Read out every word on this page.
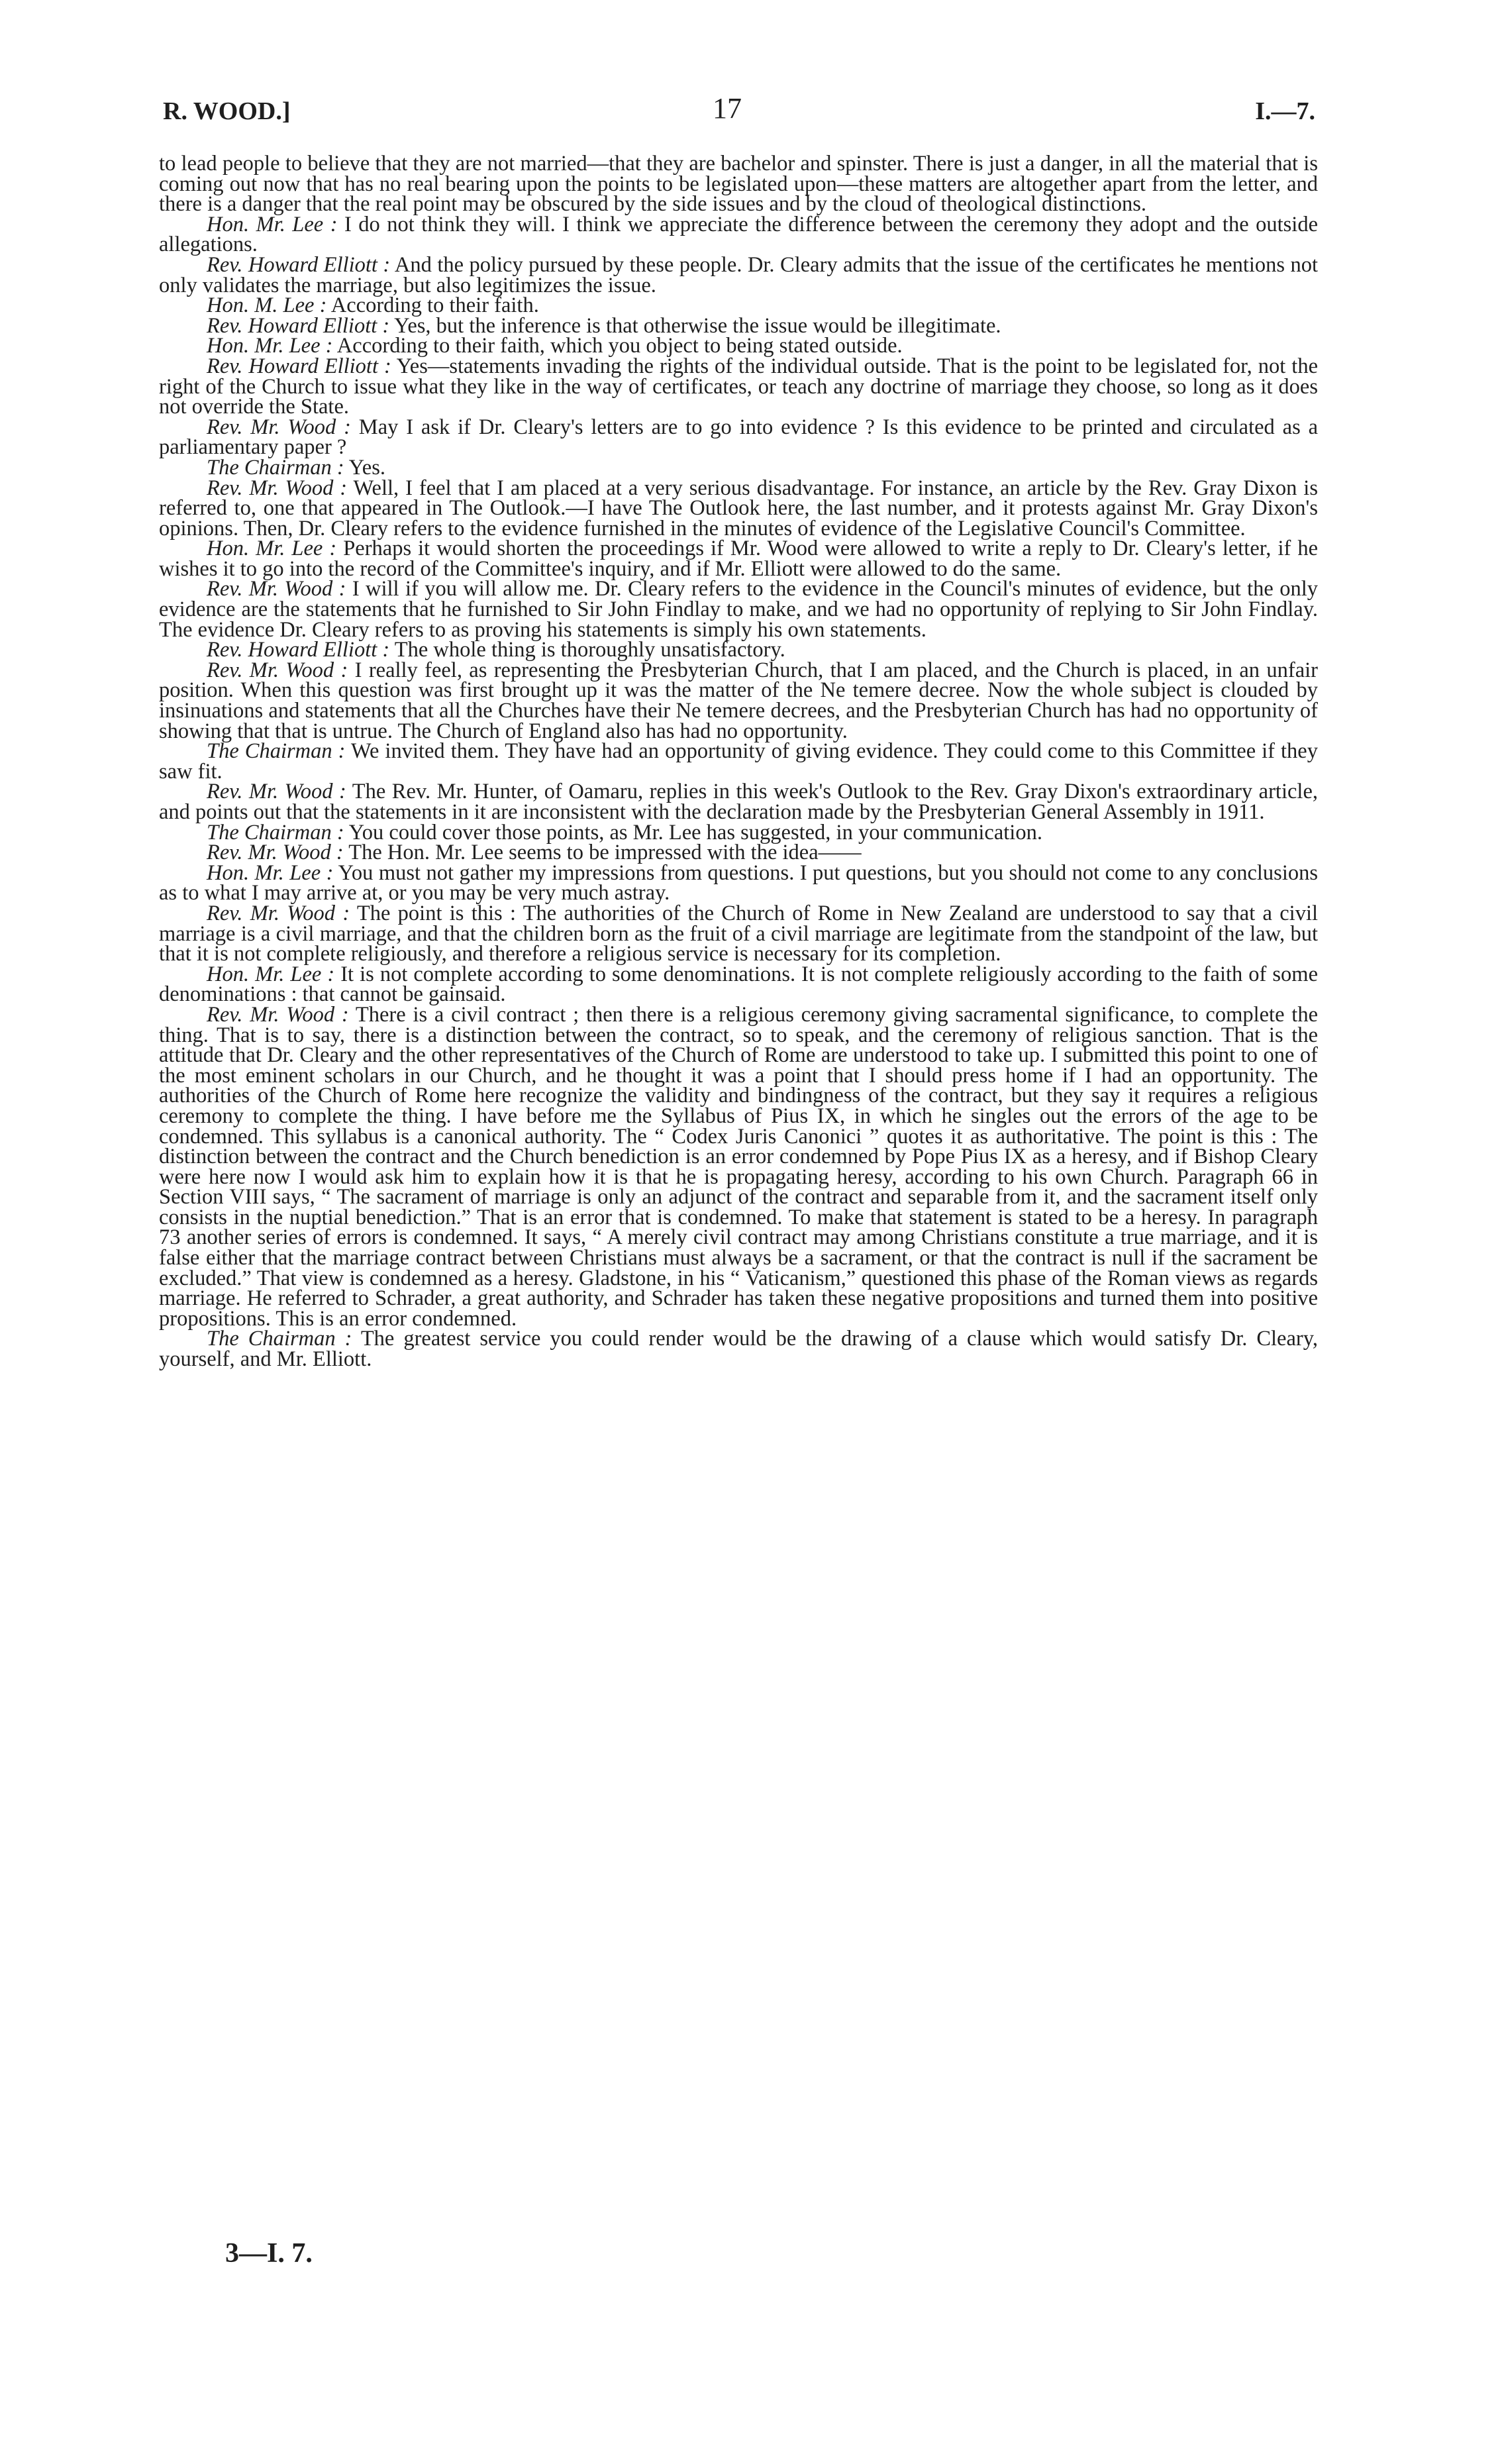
R. WOOD.]	17	I.—7.

to lead people to believe that they are not married—that they are bachelor and spinster. There is just a danger, in all the material that is coming out now that has no real bearing upon the points to be legislated upon—these matters are altogether apart from the letter, and there is a danger that the real point may be obscured by the side issues and by the cloud of theological distinctions.

Hon. Mr. Lee : I do not think they will. I think we appreciate the difference between the ceremony they adopt and the outside allegations.

Rev. Howard Elliott : And the policy pursued by these people. Dr. Cleary admits that the issue of the certificates he mentions not only validates the marriage, but also legitimizes the issue.

Hon. M. Lee : According to their faith.

Rev. Howard Elliott : Yes, but the inference is that otherwise the issue would be illegitimate.

Hon. Mr. Lee : According to their faith, which you object to being stated outside.

Rev. Howard Elliott : Yes—statements invading the rights of the individual outside. That is the point to be legislated for, not the right of the Church to issue what they like in the way of certificates, or teach any doctrine of marriage they choose, so long as it does not override the State.

Rev. Mr. Wood : May I ask if Dr. Cleary's letters are to go into evidence ? Is this evidence to be printed and circulated as a parliamentary paper ?

The Chairman : Yes.

Rev. Mr. Wood : Well, I feel that I am placed at a very serious disadvantage. For instance, an article by the Rev. Gray Dixon is referred to, one that appeared in The Outlook.—I have The Outlook here, the last number, and it protests against Mr. Gray Dixon's opinions. Then, Dr. Cleary refers to the evidence furnished in the minutes of evidence of the Legislative Council's Committee.

Hon. Mr. Lee : Perhaps it would shorten the proceedings if Mr. Wood were allowed to write a reply to Dr. Cleary's letter, if he wishes it to go into the record of the Committee's inquiry, and if Mr. Elliott were allowed to do the same.

Rev. Mr. Wood : I will if you will allow me. Dr. Cleary refers to the evidence in the Council's minutes of evidence, but the only evidence are the statements that he furnished to Sir John Findlay to make, and we had no opportunity of replying to Sir John Findlay. The evidence Dr. Cleary refers to as proving his statements is simply his own statements.

Rev. Howard Elliott : The whole thing is thoroughly unsatisfactory.

Rev. Mr. Wood : I really feel, as representing the Presbyterian Church, that I am placed, and the Church is placed, in an unfair position. When this question was first brought up it was the matter of the Ne temere decree. Now the whole subject is clouded by insinuations and statements that all the Churches have their Ne temere decrees, and the Presbyterian Church has had no opportunity of showing that that is untrue. The Church of England also has had no opportunity.

The Chairman : We invited them. They have had an opportunity of giving evidence. They could come to this Committee if they saw fit.

Rev. Mr. Wood : The Rev. Mr. Hunter, of Oamaru, replies in this week's Outlook to the Rev. Gray Dixon's extraordinary article, and points out that the statements in it are inconsistent with the declaration made by the Presbyterian General Assembly in 1911.

The Chairman : You could cover those points, as Mr. Lee has suggested, in your communication.

Rev. Mr. Wood : The Hon. Mr. Lee seems to be impressed with the idea——

Hon. Mr. Lee : You must not gather my impressions from questions. I put questions, but you should not come to any conclusions as to what I may arrive at, or you may be very much astray.

Rev. Mr. Wood : The point is this : The authorities of the Church of Rome in New Zealand are understood to say that a civil marriage is a civil marriage, and that the children born as the fruit of a civil marriage are legitimate from the standpoint of the law, but that it is not complete religiously, and therefore a religious service is necessary for its completion.

Hon. Mr. Lee : It is not complete according to some denominations. It is not complete religiously according to the faith of some denominations : that cannot be gainsaid.

Rev. Mr. Wood : There is a civil contract ; then there is a religious ceremony giving sacramental significance, to complete the thing. That is to say, there is a distinction between the contract, so to speak, and the ceremony of religious sanction. That is the attitude that Dr. Cleary and the other representatives of the Church of Rome are understood to take up. I submitted this point to one of the most eminent scholars in our Church, and he thought it was a point that I should press home if I had an opportunity. The authorities of the Church of Rome here recognize the validity and bindingness of the contract, but they say it requires a religious ceremony to complete the thing. I have before me the Syllabus of Pius IX, in which he singles out the errors of the age to be condemned. This syllabus is a canonical authority. The “ Codex Juris Canonici ” quotes it as authoritative. The point is this : The distinction between the contract and the Church benediction is an error condemned by Pope Pius IX as a heresy, and if Bishop Cleary were here now I would ask him to explain how it is that he is propagating heresy, according to his own Church. Paragraph 66 in Section VIII says, “ The sacrament of marriage is only an adjunct of the contract and separable from it, and the sacrament itself only consists in the nuptial benediction.” That is an error that is condemned. To make that statement is stated to be a heresy. In paragraph 73 another series of errors is condemned. It says, “ A merely civil contract may among Christians constitute a true marriage, and it is false either that the marriage contract between Christians must always be a sacrament, or that the contract is null if the sacrament be excluded.” That view is condemned as a heresy. Gladstone, in his “ Vaticanism,” questioned this phase of the Roman views as regards marriage. He referred to Schrader, a great authority, and Schrader has taken these negative propositions and turned them into positive propositions. This is an error condemned.

The Chairman : The greatest service you could render would be the drawing of a clause which would satisfy Dr. Cleary, yourself, and Mr. Elliott.

3—I. 7.
